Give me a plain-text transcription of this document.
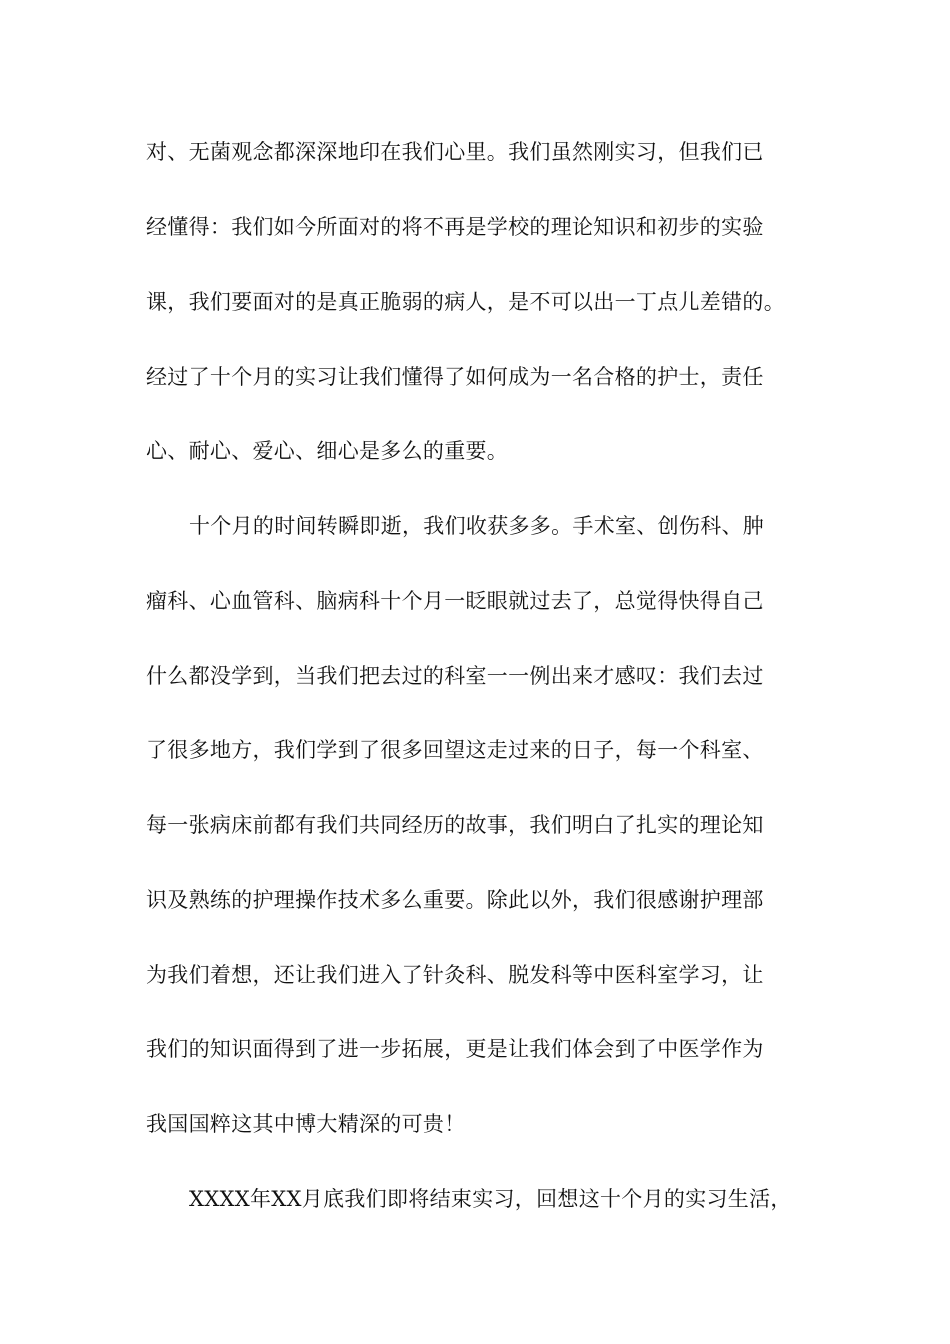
对、无菌观念都深深地印在我们心里。我们虽然刚实习，但我们已
经懂得：我们如今所面对的将不再是学校的理论知识和初步的实验
课，我们要面对的是真正脆弱的病人，是不可以出一丁点儿差错的。
经过了十个月的实习让我们懂得了如何成为一名合格的护士，责任
心、耐心、爱心、细心是多么的重要。
十个月的时间转瞬即逝，我们收获多多。手术室、创伤科、肿
瘤科、心血管科、脑病科十个月一眨眼就过去了，总觉得快得自己
什么都没学到，当我们把去过的科室一一例出来才感叹：我们去过
了很多地方，我们学到了很多回望这走过来的日子，每一个科室、
每一张病床前都有我们共同经历的故事，我们明白了扎实的理论知
识及熟练的护理操作技术多么重要。除此以外，我们很感谢护理部
为我们着想，还让我们进入了针灸科、脱发科等中医科室学习，让
我们的知识面得到了进一步拓展，更是让我们体会到了中医学作为
我国国粹这其中博大精深的可贵！
XXXX年XX月底我们即将结束实习，回想这十个月的实习生活，
